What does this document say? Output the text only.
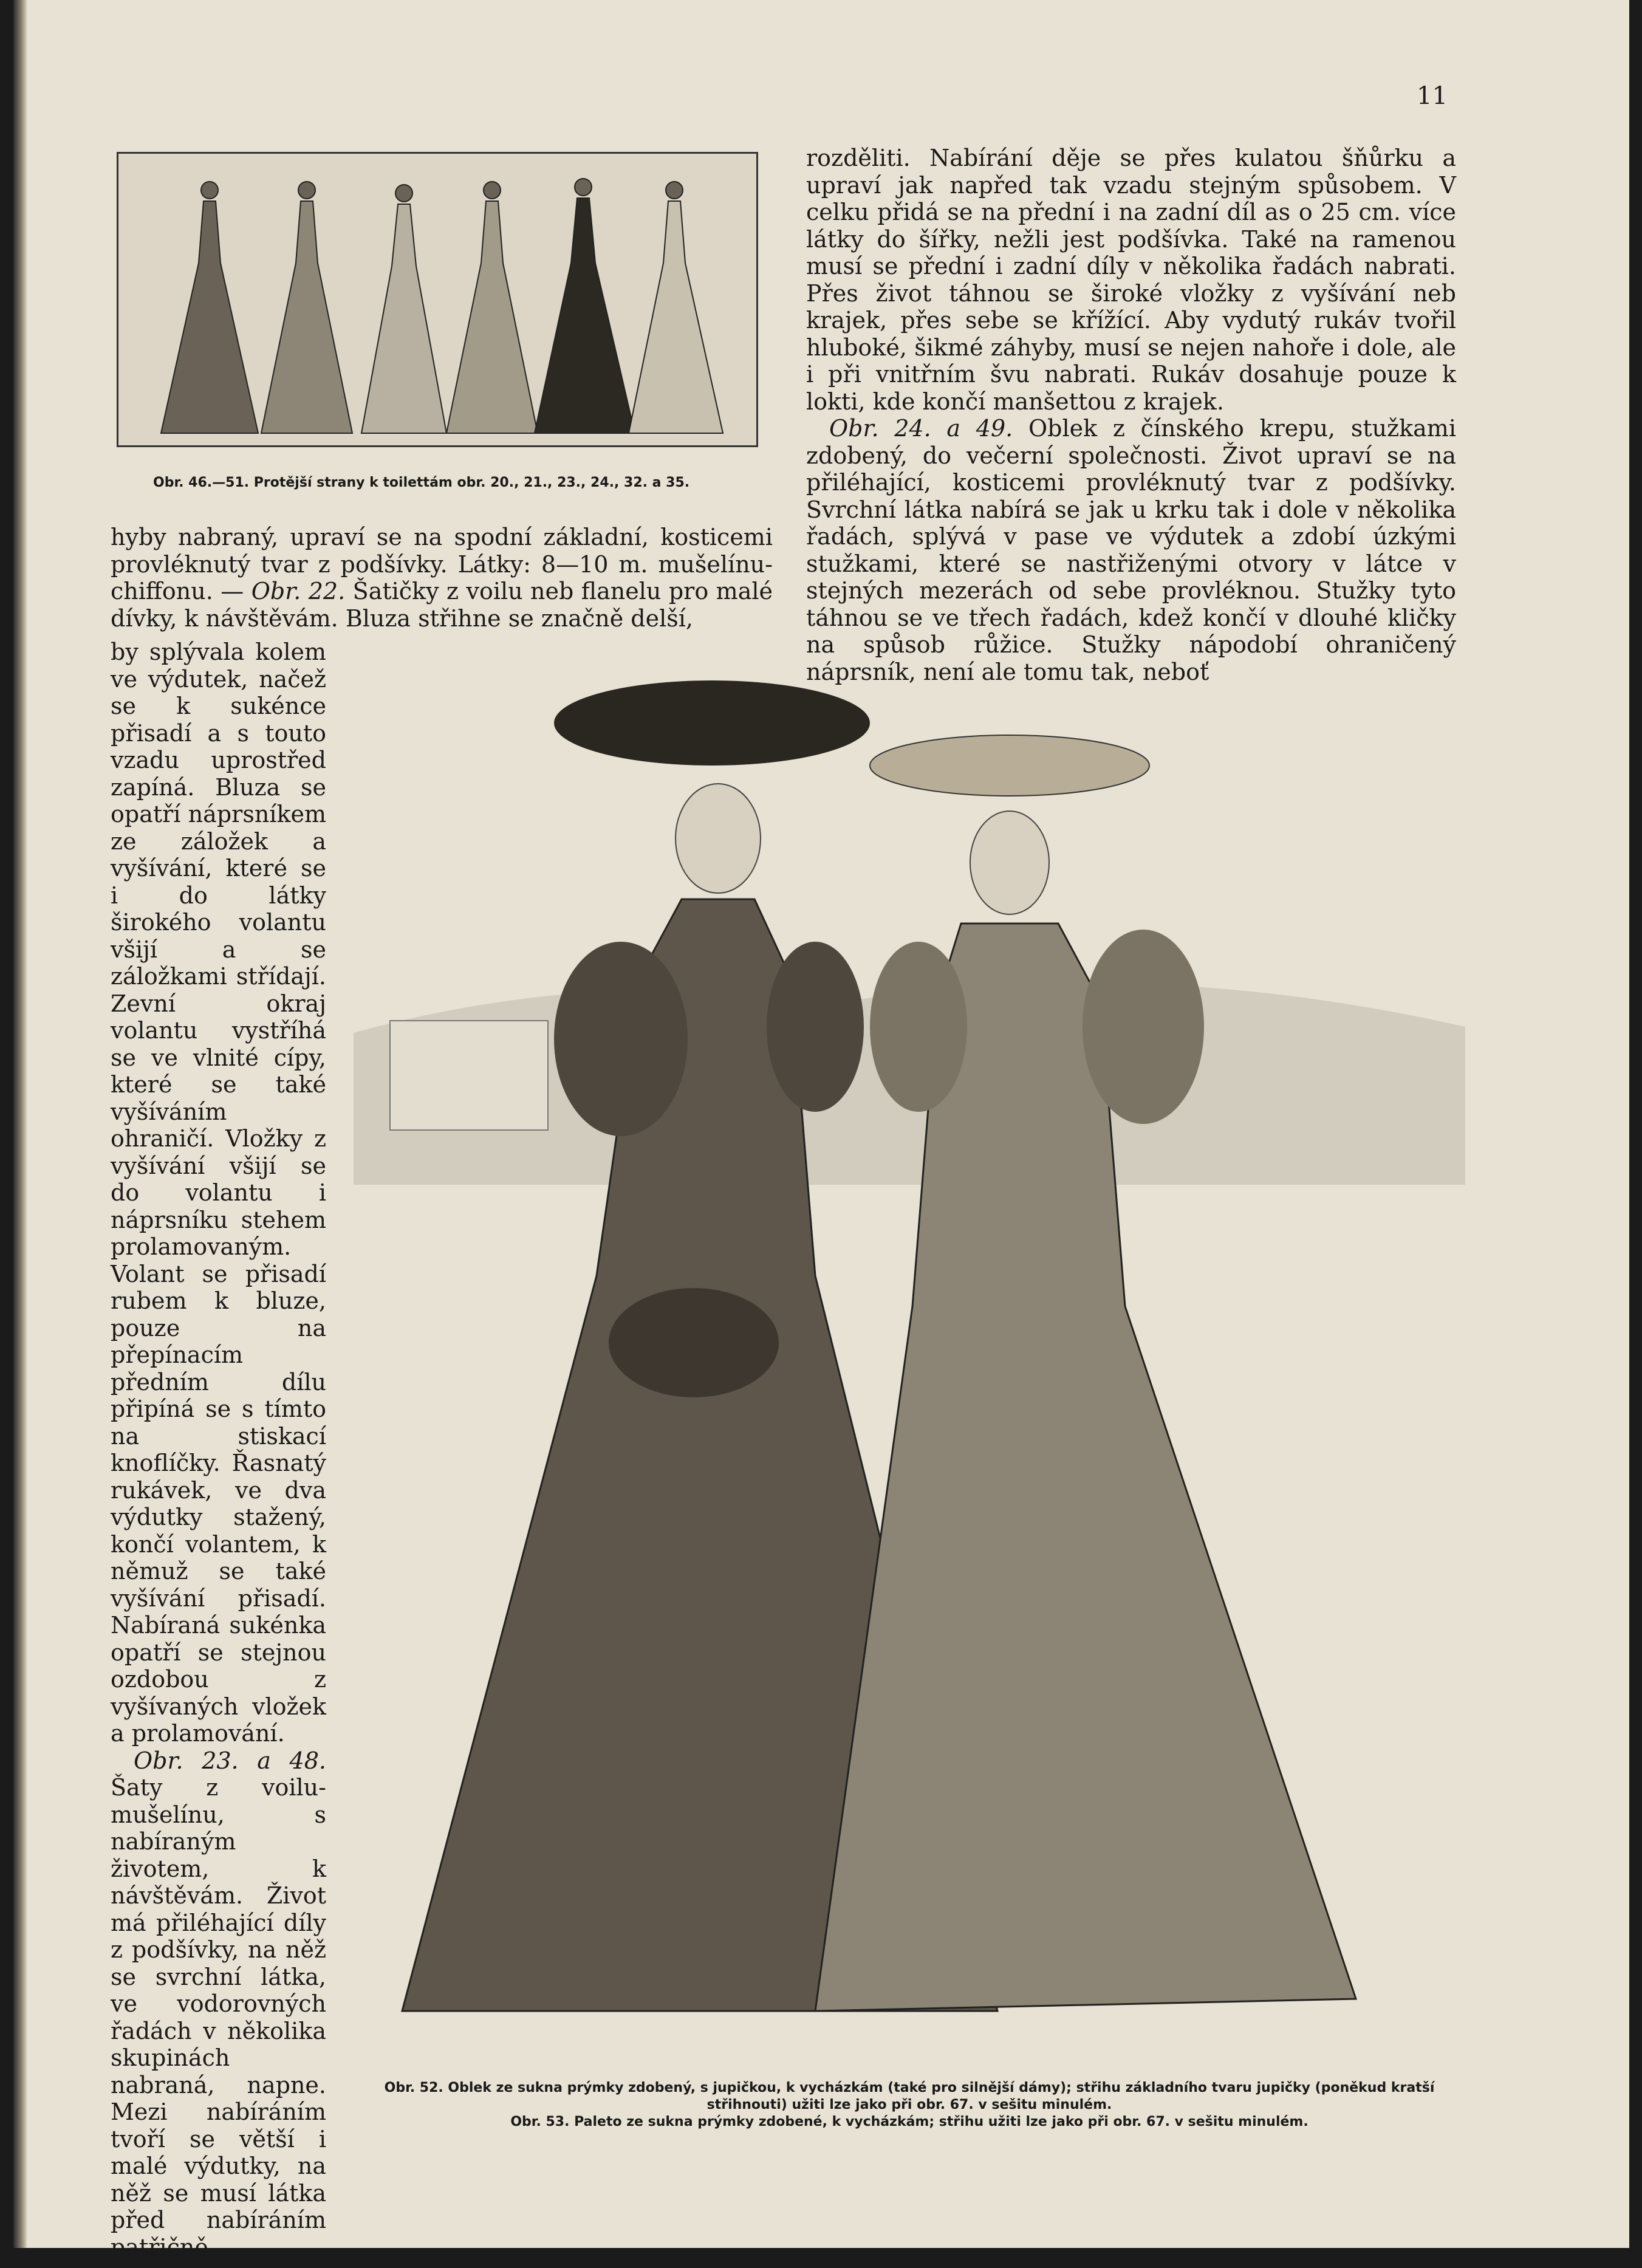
11
Obr. 46.—51. Protější strany k toilettám obr. 20., 21., 23., 24., 32. a 35.

rozděliti. Nabírání děje se přes kulatou šňůrku a upraví jak napřed tak vzadu stejným spůsobem. V celku přidá se na přední i na zadní díl as o 25 cm. více látky do šířky, nežli jest podšívka. Také na ramenou musí se přední i zadní díly v několika řadách nabrati. Přes život táhnou se široké vložky z vyšívání neb krajek, přes sebe se křížící. Aby vydutý rukáv tvořil hluboké, šikmé záhyby, musí se nejen nahoře i dole, ale i při vnitřním švu nabrati. Rukáv dosahuje pouze k lokti, kde končí manšettou z krajek.

 Obr. 24. a 49. Oblek z čínského krepu, stužkami zdobený, do večerní společnosti. Život upraví se na přiléhající, kosticemi provléknutý tvar z podšívky. Svrchní látka nabírá se jak u krku tak i dole v několika řadách, splývá v pase ve výdutek a zdobí úzkými stužkami, které se nastřiženými otvory v látce v stejných mezerách od sebe provléknou. Stužky tyto táhnou se ve třech řadách, kdež končí v dlouhé kličky na spůsob růžice. Stužky nápodobí ohraničený náprsník, není ale tomu tak, neboť

hyby nabraný, upraví se na spodní základní, kosticemi provléknutý tvar z podšívky. Látky: 8—10 m. mušelínu-chiffonu. — Obr. 22. Šatičky z voilu neb flanelu pro malé dívky, k návštěvám. Bluza střihne se značně delší,

by splývala kolem ve výdutek, načež se k sukénce přisadí a s touto vzadu uprostřed zapíná. Bluza se opatří náprsníkem ze záložek a vyšívání, které se i do látky širokého volantu všijí a se záložkami střídají. Zevní okraj volantu vystříhá se ve vlnité cípy, které se také vyšíváním ohraničí. Vložky z vyšívání všijí se do volantu i náprsníku stehem prolamovaným. Volant se přisadí rubem k bluze, pouze na přepínacím předním dílu připíná se s tímto na stiskací knoflíčky. Řasnatý rukávek, ve dva výdutky stažený, končí volantem, k němuž se také vyšívání přisadí. Nabíraná sukénka opatří se stejnou ozdobou z vyšívaných vložek a prolamování.

 Obr. 23. a 48. Šaty z voilu-mušelínu, s nabíraným životem, k návštěvám. Život má přiléhající díly z podšívky, na něž se svrchní látka, ve vodorovných řadách v několika skupinách nabraná, napne. Mezi nabíráním tvoří se větší i malé výdutky, na něž se musí látka před nabíráním patřičně

Obr. 52. Oblek ze sukna prýmky zdobený, s jupičkou, k vycházkám (také pro silnější dámy); střihu základního tvaru jupičky (poněkud kratší střihnouti) užiti lze jako při obr. 67. v sešitu minulém.

Obr. 53. Paleto ze sukna prýmky zdobené, k vycházkám; střihu užiti lze jako při obr. 67. v sešitu minulém.
